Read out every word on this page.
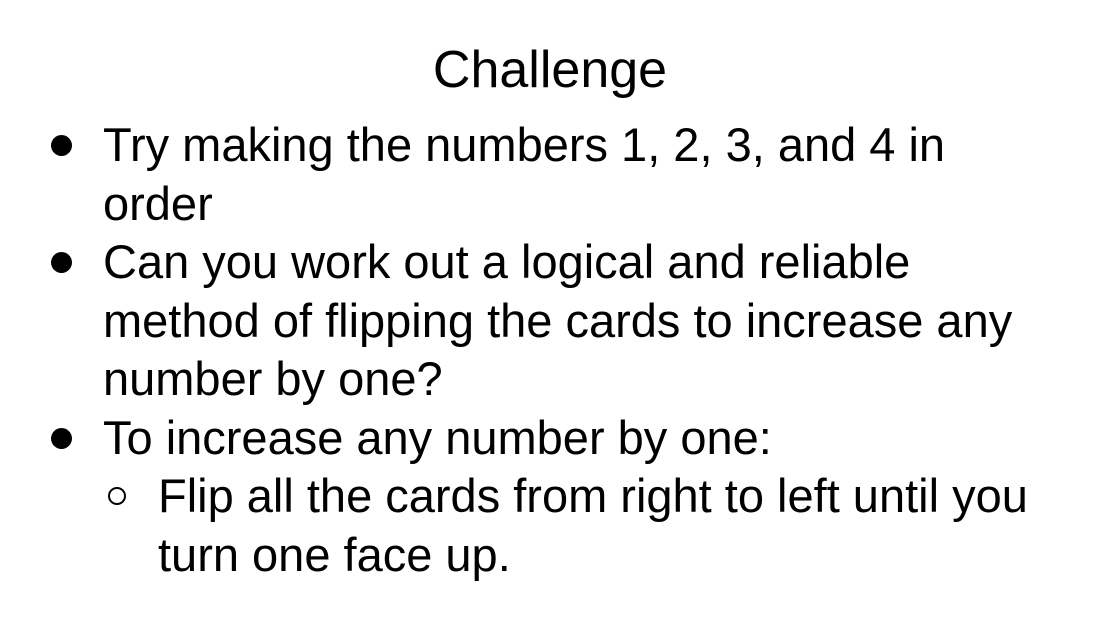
Challenge
Try making the numbers 1, 2, 3, and 4 in order
Can you work out a logical and reliable method of flipping the cards to increase any number by one?
To increase any number by one:
Flip all the cards from right to left until you turn one face up.
